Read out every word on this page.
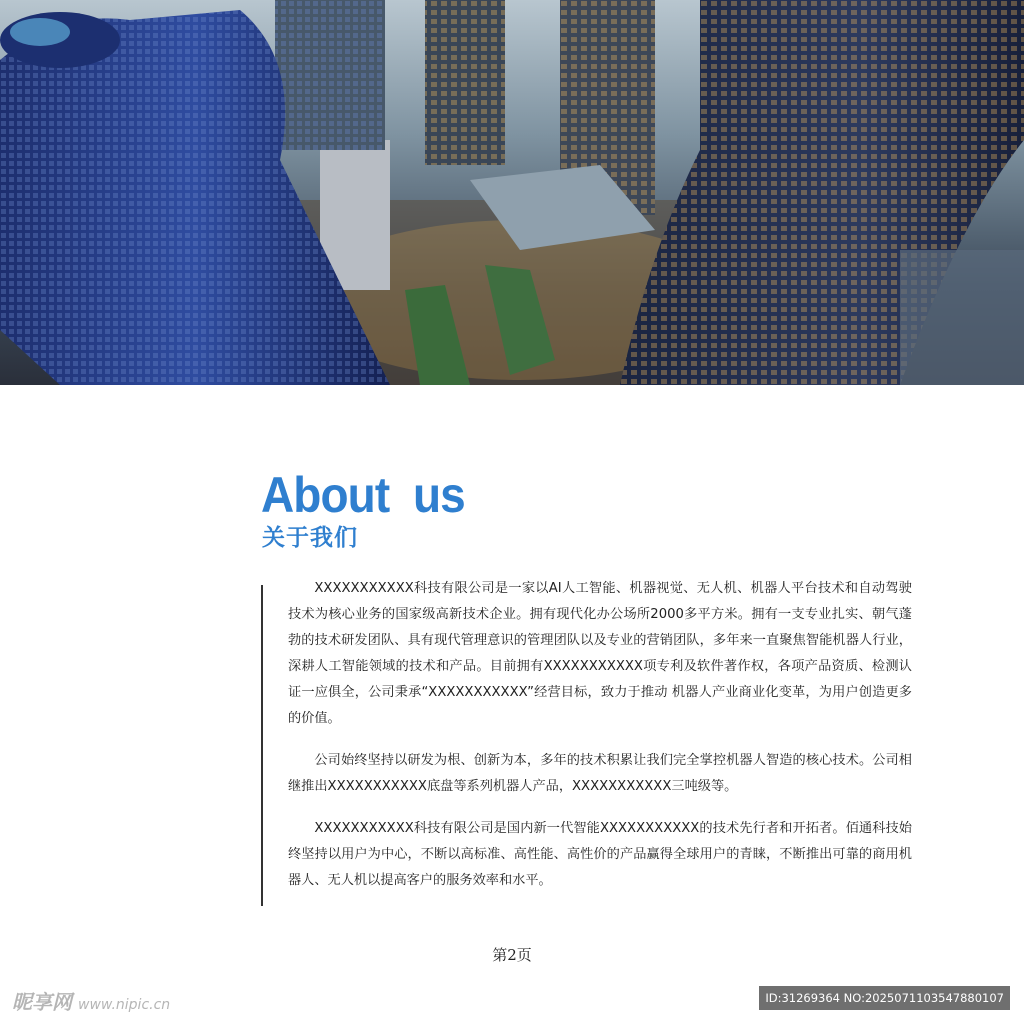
About  us
关于我们

XXXXXXXXXXX科技有限公司是一家以AI人工智能、机器视觉、无人机、机器人平台技术和自动驾驶技术为核心业务的国家级高新技术企业。拥有现代化办公场所2000多平方米。拥有一支专业扎实、朝气蓬勃的技术研发团队、具有现代管理意识的管理团队以及专业的营销团队，多年来一直聚焦智能机器人行业，深耕人工智能领域的技术和产品。目前拥有XXXXXXXXXXX项专利及软件著作权，各项产品资质、检测认证一应俱全，公司秉承“XXXXXXXXXXX”经营目标，致力于推动 机器人产业商业化变革，为用户创造更多的价值。

公司始终坚持以研发为根、创新为本，多年的技术积累让我们完全掌控机器人智造的核心技术。公司相继推出XXXXXXXXXXX底盘等系列机器人产品，XXXXXXXXXXX三吨级等。

XXXXXXXXXXX科技有限公司是国内新一代智能XXXXXXXXXXX的技术先行者和开拓者。佰通科技始终坚持以用户为中心，不断以高标准、高性能、高性价的产品赢得全球用户的青睐，不断推出可靠的商用机器人、无人机以提高客户的服务效率和水平。

第2页
昵享网 www.nipic.cn	ID:31269364 NO:20250711035478801​07
